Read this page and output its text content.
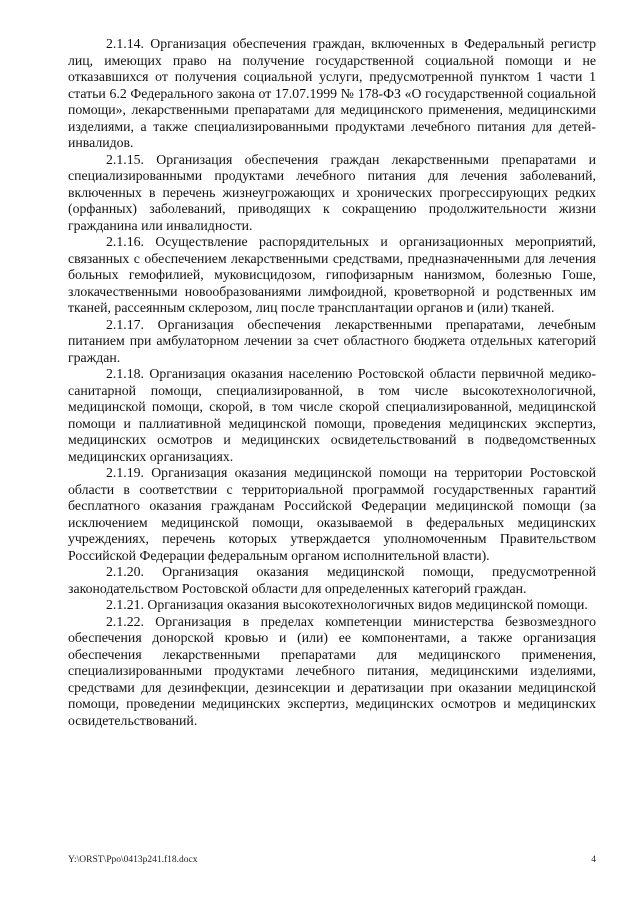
2.1.14. Организация обеспечения граждан, включенных в Федеральный регистр лиц, имеющих право на получение государственной социальной помощи и не отказавшихся от получения социальной услуги, предусмотренной пунктом 1 части 1 статьи 6.2 Федерального закона от 17.07.1999 № 178-ФЗ «О государственной социальной помощи», лекарственными препаратами для медицинского применения, медицинскими изделиями, а также специализированными продуктами лечебного питания для детей-инвалидов.

2.1.15. Организация обеспечения граждан лекарственными препаратами и специализированными продуктами лечебного питания для лечения заболеваний, включенных в перечень жизнеугрожающих и хронических прогрессирующих редких (орфанных) заболеваний, приводящих к сокращению продолжительности жизни гражданина или инвалидности.

2.1.16. Осуществление распорядительных и организационных мероприятий, связанных с обеспечением лекарственными средствами, предназначенными для лечения больных гемофилией, муковисцидозом, гипофизарным нанизмом, болезнью Гоше, злокачественными новообразованиями лимфоидной, кроветворной и родственных им тканей, рассеянным склерозом, лиц после трансплантации органов и (или) тканей.

2.1.17. Организация обеспечения лекарственными препаратами, лечебным питанием при амбулаторном лечении за счет областного бюджета отдельных категорий граждан.

2.1.18. Организация оказания населению Ростовской области первичной медико-санитарной помощи, специализированной, в том числе высокотехнологичной, медицинской помощи, скорой, в том числе скорой специализированной, медицинской помощи и паллиативной медицинской помощи, проведения медицинских экспертиз, медицинских осмотров и медицинских освидетельствований в подведомственных медицинских организациях.

2.1.19. Организация оказания медицинской помощи на территории Ростовской области в соответствии с территориальной программой государственных гарантий бесплатного оказания гражданам Российской Федерации медицинской помощи (за исключением медицинской помощи, оказываемой в федеральных медицинских учреждениях, перечень которых утверждается уполномоченным Правительством Российской Федерации федеральным органом исполнительной власти).

2.1.20. Организация оказания медицинской помощи, предусмотренной законодательством Ростовской области для определенных категорий граждан.

2.1.21. Организация оказания высокотехнологичных видов медицинской помощи.

2.1.22. Организация в пределах компетенции министерства безвозмездного обеспечения донорской кровью и (или) ее компонентами, а также организация обеспечения лекарственными препаратами для медицинского применения, специализированными продуктами лечебного питания, медицинскими изделиями, средствами для дезинфекции, дезинсекции и дератизации при оказании медицинской помощи, проведении медицинских экспертиз, медицинских осмотров и медицинских освидетельствований.

Y:\ORST\Ppo\0413p241.f18.docx	4
